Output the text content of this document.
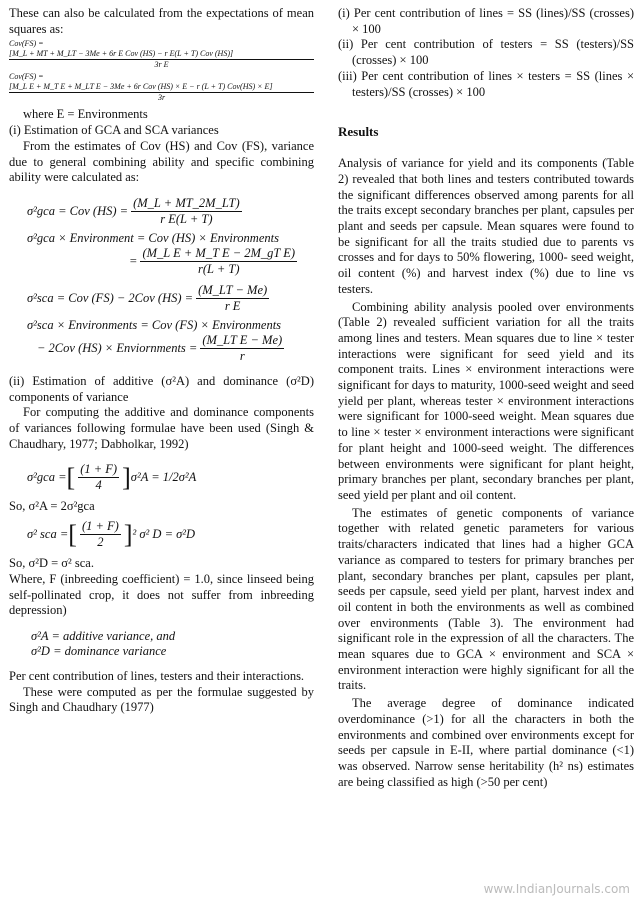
These can also be calculated from the expectations of mean squares as:

Cov(FS) =

[M_L + MT + M_LT − 3Me + 6r E Cov (HS) − r E(L + T) Cov (HS)]

3r E

Cov(FS) =

[M_L E + M_T E + M_LT E − 3Me + 6r Cov (HS) × E − r (L + T) Cov(HS) × E]

3r

where E = Environments

(i) Estimation of GCA and SCA variances

From the estimates of Cov (HS) and Cov (FS), variance due to general combining ability and specific combining ability were calculated as:

σ²gca = Cov $(HS) = \frac{(M\_L + MT\_2M\_LT)}{\text{r E(L + T)}}$
σ²gca × Environment = Cov (HS) × Environments
= $\frac{\text{(M\_L E + M\_T E − 2M\_gT E)}}{r(L + T)}$
σ²sca = Cov (FS) − 2Cov $(HS) = \frac{(M\_LT - Me)}{\text{r E}}$
σ²sca × Environments = Cov (FS) × Environments
− 2Cov (HS) × Enviornments = $\frac{\text{(M\_LT E − Me)}}{r}$

(ii) Estimation of additive (σ²A) and dominance (σ²D) components of variance

For computing the additive and dominance components of variances following formulae have been used (Singh & Chaudhary, 1977; Dabholkar, 1992)

σ²gca = [ $\frac{(1 + F)}{4}$ ] σ²A = 1/2σ²A

So, σ²A = 2σ²gca

σ² sca = [ $\frac{(1 + F)}{2}$ ] ² σ² D = σ²D

So, σ²D = σ² sca.

Where, F (inbreeding coefficient) = 1.0, since linseed being self-pollinated crop, it does not suffer from inbreeding depression)

σ²A = additive variance, and

σ²D = dominance variance

Per cent contribution of lines, testers and their interactions.

These were computed as per the formulae suggested by Singh and Chaudhary (1977)

(i) Per cent contribution of lines = SS (lines)/SS (crosses) × 100

(ii) Per cent contribution of testers = SS (testers)/SS (crosses) × 100

(iii) Per cent contribution of lines × testers = SS (lines × testers)/SS (crosses) × 100

Results

Analysis of variance for yield and its components (Table 2) revealed that both lines and testers contributed towards the significant differences observed among parents for all the traits except secondary branches per plant, capsules per plant and seeds per capsule. Mean squares were found to be significant for all the traits studied due to parents vs crosses and for days to 50% flowering, 1000- seed weight, oil content (%) and harvest index (%) due to line vs testers.

Combining ability analysis pooled over environments (Table 2) revealed sufficient variation for all the traits among lines and testers. Mean squares due to line × tester interactions were significant for seed yield and its component traits. Lines × environment interactions were significant for days to maturity, 1000-seed weight and seed yield per plant, whereas tester × environment interactions were significant for 1000-seed weight. Mean squares due to line × tester × environment interactions were significant for plant height and 1000-seed weight. The differences between environments were significant for plant height, primary branches per plant, secondary branches per plant, seed yield per plant and oil content.

The estimates of genetic components of variance together with related genetic parameters for various traits/characters indicated that lines had a higher GCA variance as compared to testers for primary branches per plant, secondary branches per plant, capsules per plant, seeds per capsule, seed yield per plant, harvest index and oil content in both the environments as well as combined over environments (Table 3). The environment had significant role in the expression of all the characters. The mean squares due to GCA × environment and SCA × environment interaction were highly significant for all the traits.

The average degree of dominance indicated overdominance (>1) for all the characters in both the environments and combined over environments except for seeds per capsule in E-II, where partial dominance (<1) was observed. Narrow sense heritability (h² ns) estimates are being classified as high (>50 per cent)

www.IndianJournals.com
